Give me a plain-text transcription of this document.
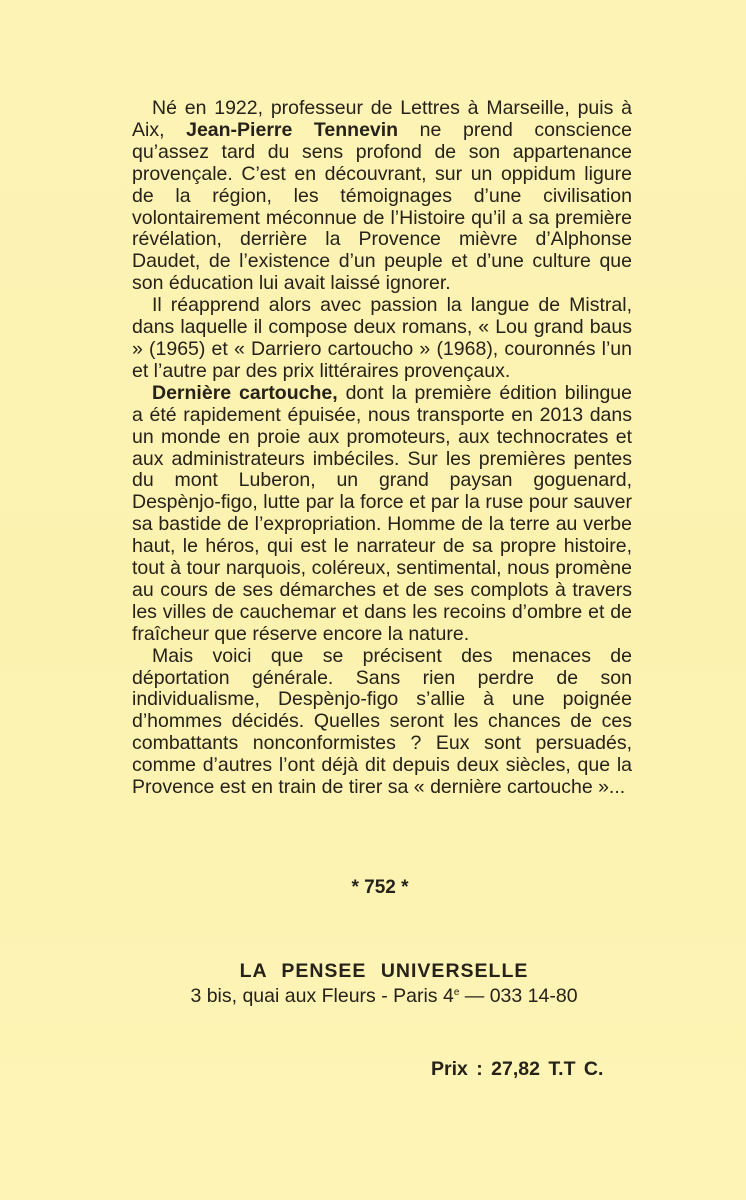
Né en 1922, professeur de Lettres à Marseille, puis à Aix, Jean-Pierre Tennevin ne prend conscience qu’assez tard du sens profond de son appartenance provençale. C’est en découvrant, sur un oppidum ligure de la région, les témoignages d’une civilisation volontairement méconnue de l’Histoire qu’il a sa première révélation, derrière la Provence mièvre d’Alphonse Daudet, de l’existence d’un peuple et d’une culture que son éducation lui avait laissé ignorer.

Il réapprend alors avec passion la langue de Mistral, dans laquelle il compose deux romans, « Lou grand baus » (1965) et « Darriero cartoucho » (1968), couronnés l’un et l’autre par des prix littéraires provençaux.

Dernière cartouche, dont la première édition bilingue a été rapidement épuisée, nous transporte en 2013 dans un monde en proie aux promoteurs, aux technocrates et aux administrateurs imbéciles. Sur les premières pentes du mont Luberon, un grand paysan goguenard, Despènjo-figo, lutte par la force et par la ruse pour sauver sa bastide de l’expropriation. Homme de la terre au verbe haut, le héros, qui est le narrateur de sa propre histoire, tout à tour narquois, coléreux, sentimental, nous promène au cours de ses démarches et de ses complots à travers les villes de cauchemar et dans les recoins d’ombre et de fraîcheur que réserve encore la nature.

Mais voici que se précisent des menaces de déportation générale. Sans rien perdre de son individualisme, Despènjo-figo s’allie à une poignée d’hommes décidés. Quelles seront les chances de ces combattants nonconformistes ? Eux sont persuadés, comme d’autres l’ont déjà dit depuis deux siècles, que la Provence est en train de tirer sa « dernière cartouche »...

* 752 *
LA PENSEE UNIVERSELLE
3 bis, quai aux Fleurs - Paris 4e — 033 14-80
Prix : 27,82 T.T C.
